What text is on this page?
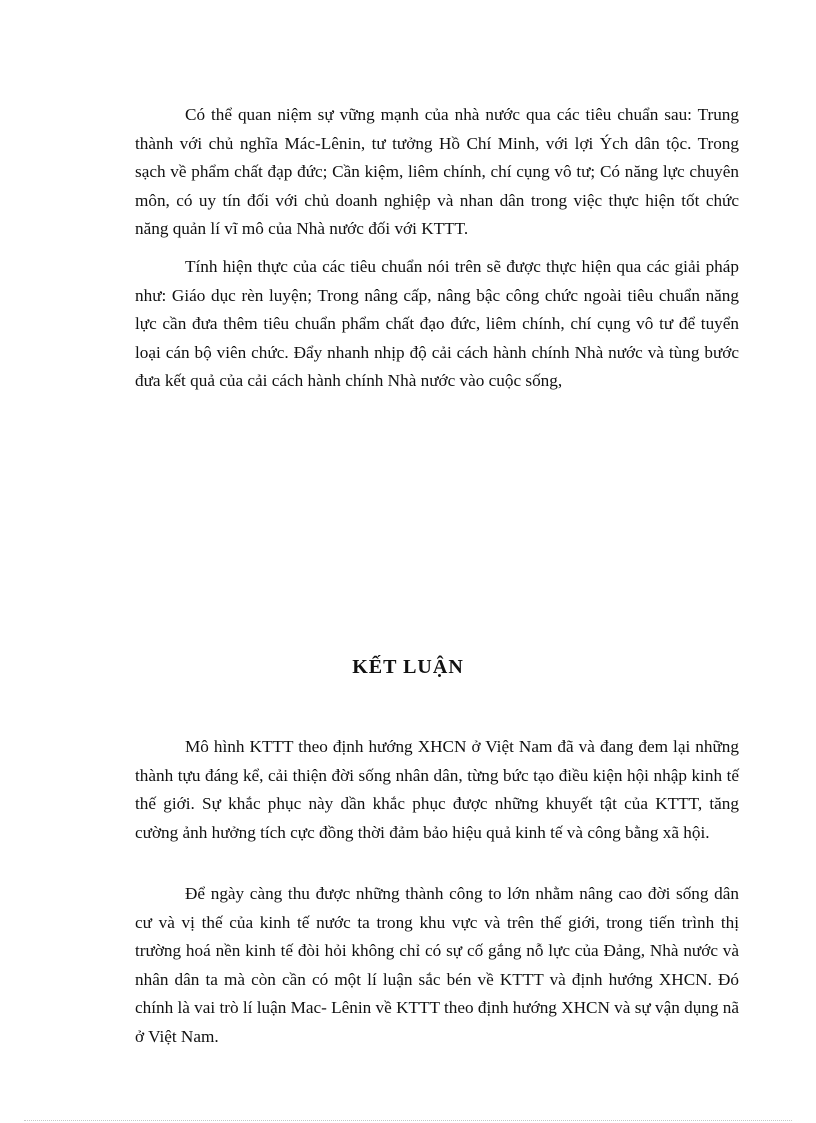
Có thể quan niệm sự vững mạnh của nhà nước qua các tiêu chuẩn sau: Trung thành với chủ nghĩa Mác-Lênin, tư tưởng Hồ Chí Minh, với lợi Ých dân tộc. Trong sạch về phẩm chất đạp đức; Cần kiệm, liêm chính, chí cụng vô tư; Có năng lực chuyên môn, có uy tín đối với chủ doanh nghiệp và nhan dân trong việc thực hiện tốt chức năng quản lí vĩ mô của Nhà nước đối với KTTT.

Tính hiện thực của các tiêu chuẩn nói trên sẽ được thực hiện qua các giải pháp như: Giáo dục rèn luyện; Trong nâng cấp, nâng bậc công chức ngoài tiêu chuẩn năng lực cần đưa thêm tiêu chuẩn phẩm chất đạo đức, liêm chính, chí cụng vô tư để tuyển loại cán bộ viên chức. Đẩy nhanh nhịp độ cải cách hành chính Nhà nước và tùng bước đưa kết quả của cải cách hành chính Nhà nước vào cuộc sống,

KẾT LUẬN

Mô hình KTTT theo định hướng XHCN ở Việt Nam đã và đang đem lại những thành tựu đáng kể, cải thiện đời sống nhân dân, từng bức tạo điều kiện hội nhập kinh tế thế giới. Sự khắc phục này dần khắc phục được những khuyết tật của KTTT, tăng cường ảnh hưởng tích cực đồng thời đảm bảo hiệu quả kinh tế và công bằng xã hội.

Để ngày càng thu được những thành công to lớn nhằm nâng cao đời sống dân cư và vị thế của kinh tế nước ta trong khu vực và trên thế giới, trong tiến trình thị trường hoá nền kinh tế đòi hỏi không chỉ có sự cố gắng nỗ lực của Đảng, Nhà nước và nhân dân ta mà còn cần có một lí luận sắc bén về KTTT và định hướng XHCN. Đó chính là vai trò lí luận Mac- Lênin về KTTT theo định hướng XHCN và sự vận dụng nã ở Việt Nam.
